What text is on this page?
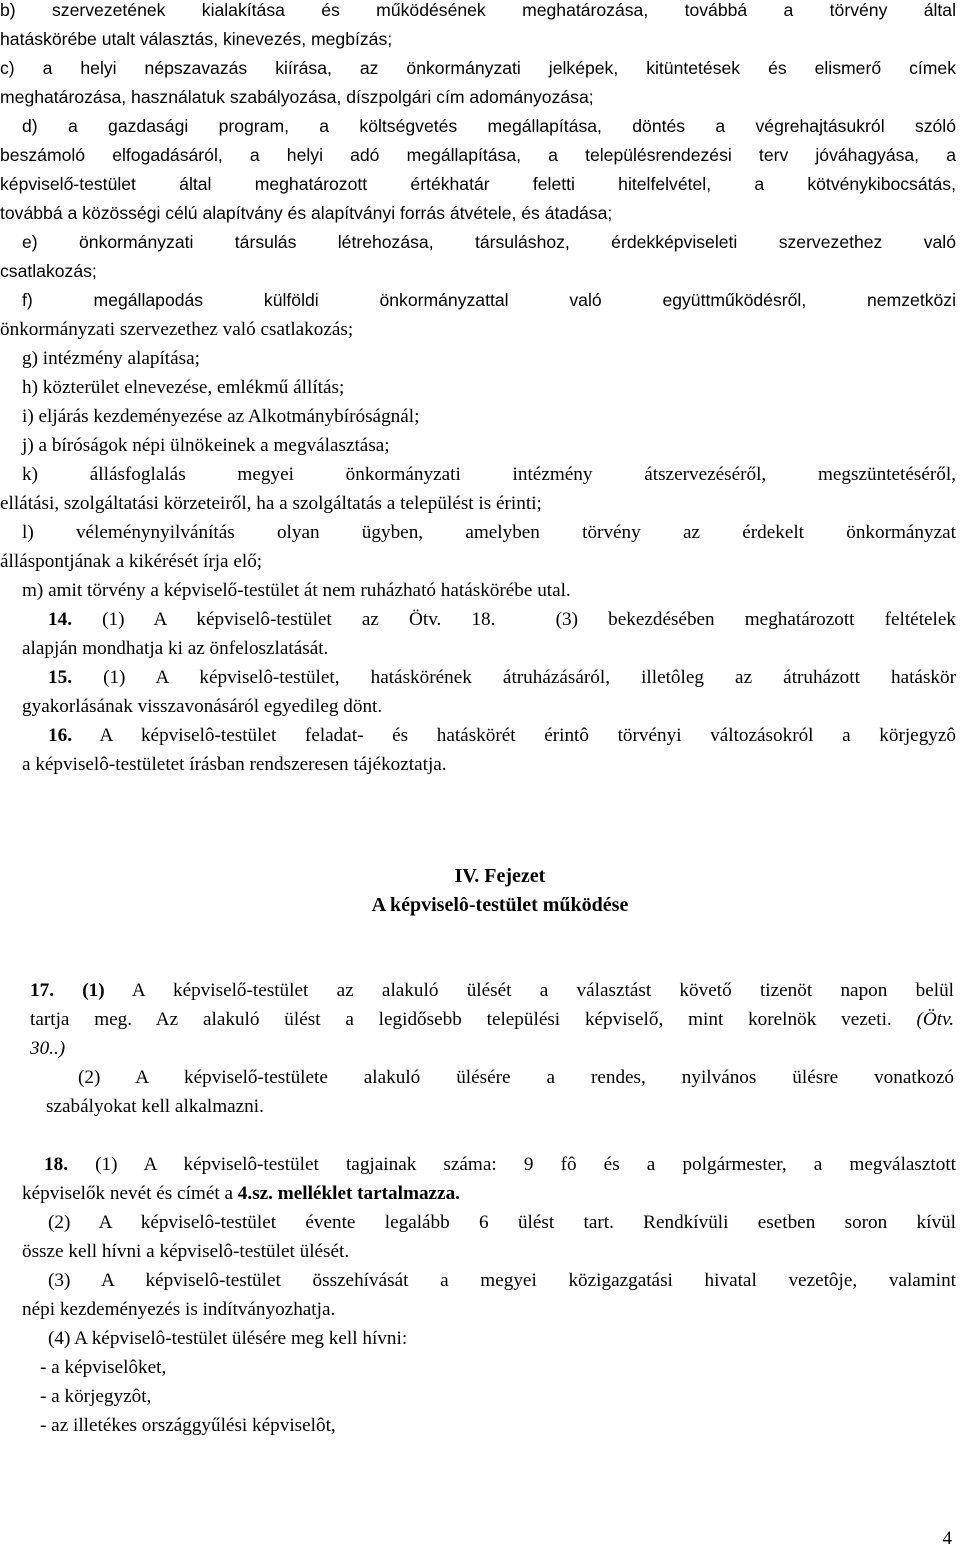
b) szervezetének kialakítása és működésének meghatározása, továbbá a törvény által
hatáskörébe utalt választás, kinevezés, megbízás;
c) a helyi népszavazás kiírása, az önkormányzati jelképek, kitüntetések és elismerő címek
meghatározása, használatuk szabályozása, díszpolgári cím adományozása;
d) a gazdasági program, a költségvetés megállapítása, döntés a végrehajtásukról szóló
beszámoló elfogadásáról, a helyi adó megállapítása, a településrendezési terv jóváhagyása, a
képviselő-testület által meghatározott értékhatár feletti hitelfelvétel, a kötvénykibocsátás,
továbbá a közösségi célú alapítvány és alapítványi forrás átvétele, és átadása;
e) önkormányzati társulás létrehozása, társuláshoz, érdekképviseleti szervezethez való
csatlakozás;
f) megállapodás külföldi önkormányzattal való együttműködésről, nemzetközi
önkormányzati szervezethez való csatlakozás;
g) intézmény alapítása;
h) közterület elnevezése, emlékmű állítás;
i) eljárás kezdeményezése az Alkotmánybíróságnál;
j) a bíróságok népi ülnökeinek a megválasztása;
k) állásfoglalás megyei önkormányzati intézmény átszervezéséről, megszüntetéséről,
ellátási, szolgáltatási körzeteiről, ha a szolgáltatás a települést is érinti;
l) véleménynyilvánítás olyan ügyben, amelyben törvény az érdekelt önkormányzat
álláspontjának a kikérését írja elő;
m) amit törvény a képviselő-testület át nem ruházható hatáskörébe utal.
14. (1) A képviselô-testület az Ötv. 18.  (3) bekezdésében meghatározott feltételek
alapján mondhatja ki az önfeloszlatását.
15. (1) A képviselô-testület, hatáskörének átruházásáról, illetôleg az átruházott hatáskör
gyakorlásának visszavonásáról egyedileg dönt.
16. A képviselô-testület feladat- és hatáskörét érintô törvényi változásokról a körjegyzô
a képviselô-testületet írásban rendszeresen tájékoztatja.
IV. Fejezet
A képviselô-testület működése
17. (1) A képviselő-testület az alakuló ülését a választást követő tizenöt napon belül
tartja meg. Az alakuló ülést a legidősebb települési képviselő, mint korelnök vezeti. (Ötv.
30..)
(2) A képviselő-testülete alakuló ülésére a rendes, nyilvános ülésre vonatkozó
szabályokat kell alkalmazni.
18. (1) A képviselô-testület tagjainak száma: 9 fô és a polgármester, a megválasztott
képviselők nevét és címét a 4.sz. melléklet tartalmazza.
(2) A képviselô-testület évente legalább 6 ülést tart. Rendkívüli esetben soron kívül
össze kell hívni a képviselô-testület ülését.
(3) A képviselô-testület összehívását a megyei közigazgatási hivatal vezetôje, valamint
népi kezdeményezés is indítványozhatja.
(4) A képviselô-testület ülésére meg kell hívni:
- a képviselôket,
- a körjegyzôt,
- az illetékes országgyűlési képviselôt,
4
